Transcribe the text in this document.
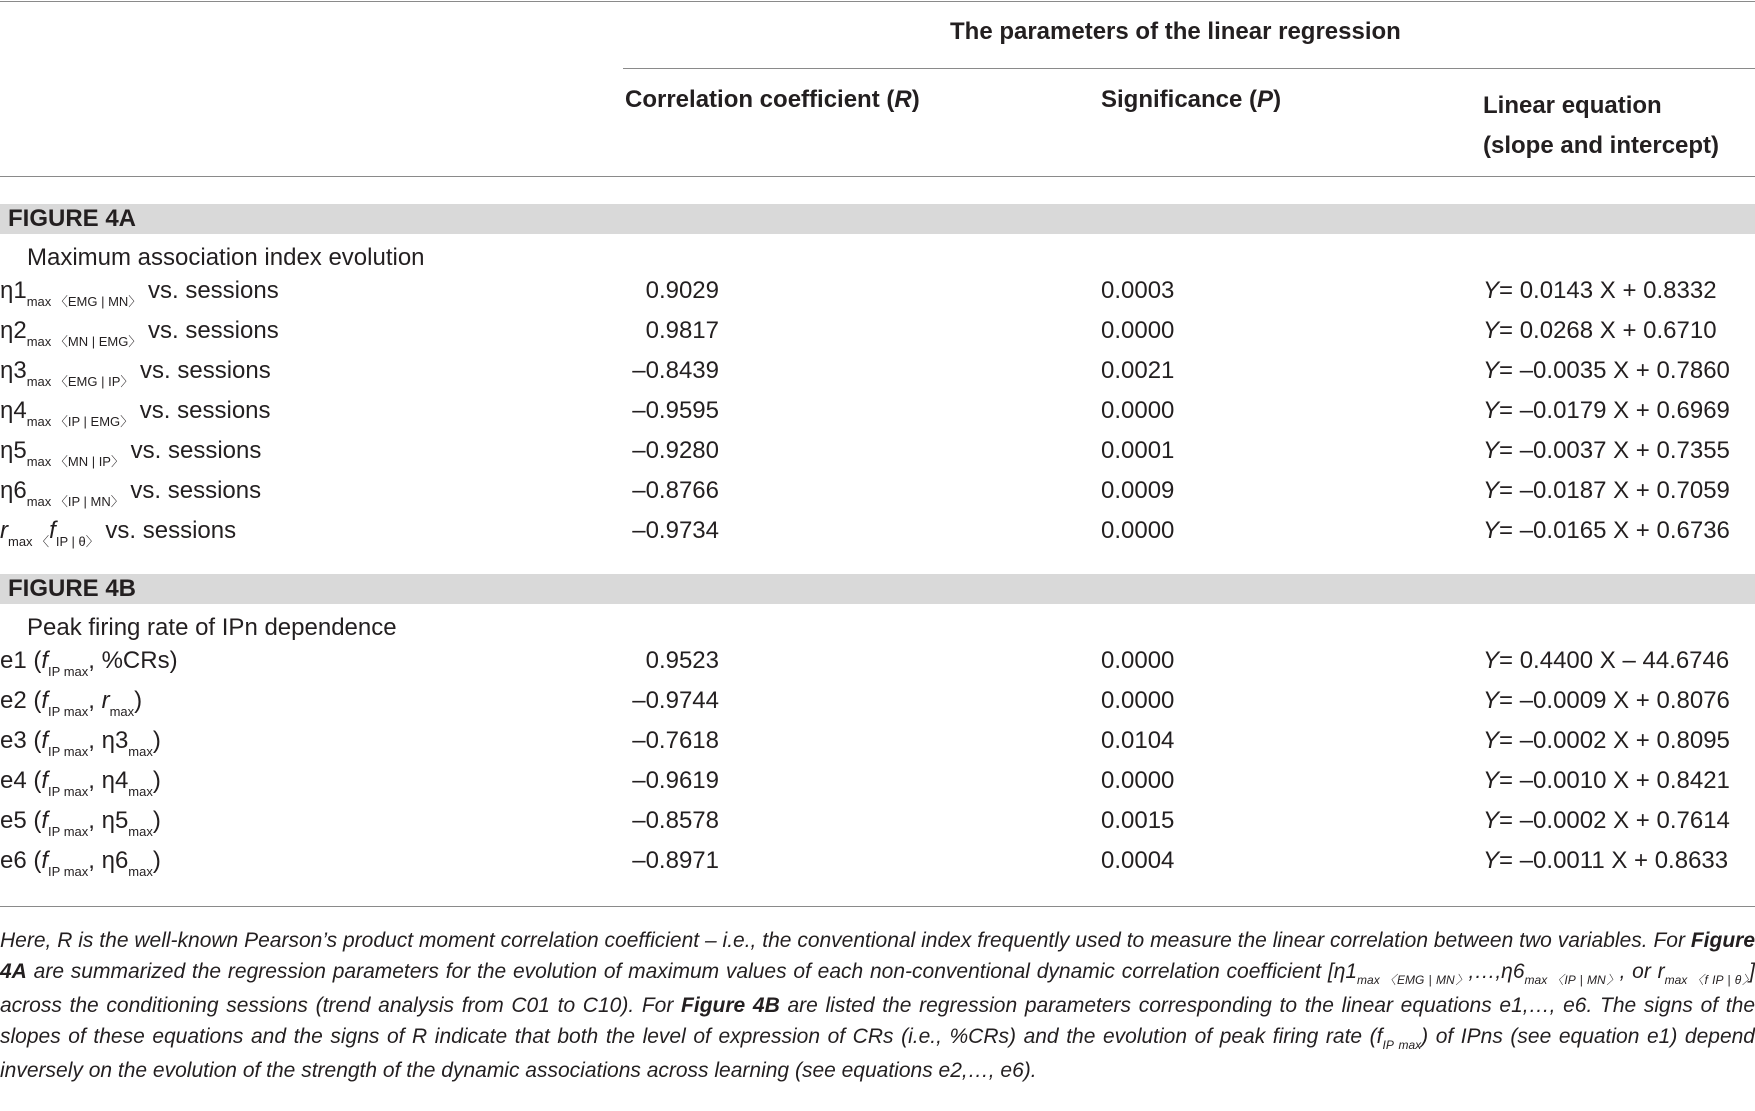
The parameters of the linear regression
Correlation coefficient (R)	Significance (P)	Linear equation
(slope and intercept)
FIGURE 4A
Maximum association index evolution
$\eta 1_{max 〈EMG | MN〉}$ vs. sessions	0.9029	0.0003	Y= 0.0143 X + 0.8332
$\eta 2_{max 〈MN | EMG〉}$ vs. sessions	0.9817	0.0000	Y= 0.0268 X + 0.6710
$\eta 3_{max 〈EMG | IP〉}$ vs. sessions	–0.8439	0.0021	Y= –0.0035 X + 0.7860
$\eta 4_{max 〈IP | EMG〉}$ vs. sessions	–0.9595	0.0000	Y= –0.0179 X + 0.6969
$\eta 5_{max 〈MN | IP〉}$ vs. sessions	–0.9280	0.0001	Y= –0.0037 X + 0.7355
$\eta 6_{max 〈IP | MN〉}$ vs. sessions	–0.8766	0.0009	Y= –0.0187 X + 0.7059
$r_{max 〈}f_{IP | \theta〉}$ vs. sessions	–0.9734	0.0000	Y= –0.0165 X + 0.6736
FIGURE 4B
Peak firing rate of IPn dependence
e1 ($f_{IP max}$, %CRs)	0.9523	0.0000	Y= 0.4400 X – 44.6746
e2 ($f_{IP max}$, $r_{max}$)	–0.9744	0.0000	Y= –0.0009 X + 0.8076
e3 ($f_{IP max}$, $\eta 3_{max}$)	–0.7618	0.0104	Y= –0.0002 X + 0.8095
e4 ($f_{IP max}$, $\eta 4_{max}$)	–0.9619	0.0000	Y= –0.0010 X + 0.8421
e5 ($f_{IP max}$, $\eta 5_{max}$)	–0.8578	0.0015	Y= –0.0002 X + 0.7614
e6 ($f_{IP max}$, $\eta 6_{max}$)	–0.8971	0.0004	Y= –0.0011 X + 0.8633
Here, R is the well-known Pearson’s product moment correlation coefficient – i.e., the conventional index frequently used to measure the linear correlation between two variables. For Figure 4A are summarized the regression parameters for the evolution of maximum values of each non-conventional dynamic correlation coefficient [$\eta 1_{max 〈EMG | MN〉},\dots,\eta 6_{max 〈IP | MN〉}$, or $r_{max 〈f IP | \theta〉}$] across the conditioning sessions (trend analysis from C01 to C10). For Figure 4B are listed the regression parameters corresponding to the linear equations e1,…, e6. The signs of the slopes of these equations and the signs of R indicate that both the level of expression of CRs (i.e., %CRs) and the evolution of peak firing rate $(f_{IP max})$ of IPns (see equation e1) depend inversely on the evolution of the strength of the dynamic associations across learning (see equations e2,…, e6).
